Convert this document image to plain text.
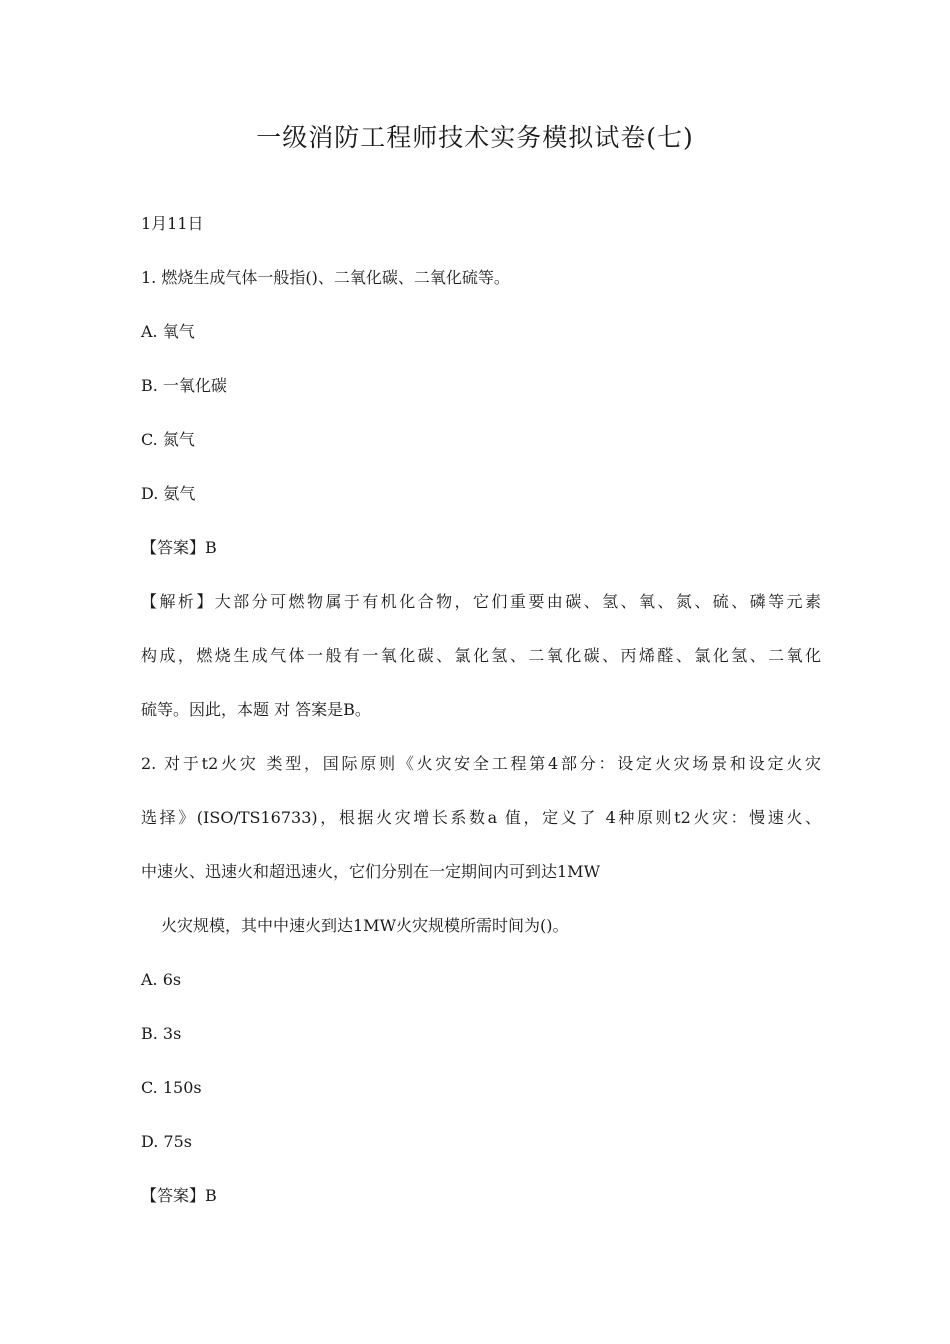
一级消防工程师技术实务模拟试卷(七)
1月11日
1. 燃烧生成气体一般指()、二氧化碳、二氧化硫等。
A. 氧气
B. 一氧化碳
C. 氮气
D. 氨气
【答案】B
【解析】大部分可燃物属于有机化合物，它们重要由碳、氢、氧、氮、硫、磷等元素
构成，燃烧生成气体一般有一氧化碳、氯化氢、二氧化碳、丙烯醛、氯化氢、二氧化
硫等。因此，本题 对 答案是B。
2. 对于t2火灾 类型，国际原则《火灾安全工程第4部分：设定火灾场景和设定火灾
选择》(ISO/TS16733)，根据火灾增长系数a 值，定义了 4种原则t2火灾：慢速火、
中速火、迅速火和超迅速火，它们分别在一定期间内可到达1MW
火灾规模，其中中速火到达1MW火灾规模所需时间为()。
A. 6s
B. 3s
C. 150s
D. 75s
【答案】B
